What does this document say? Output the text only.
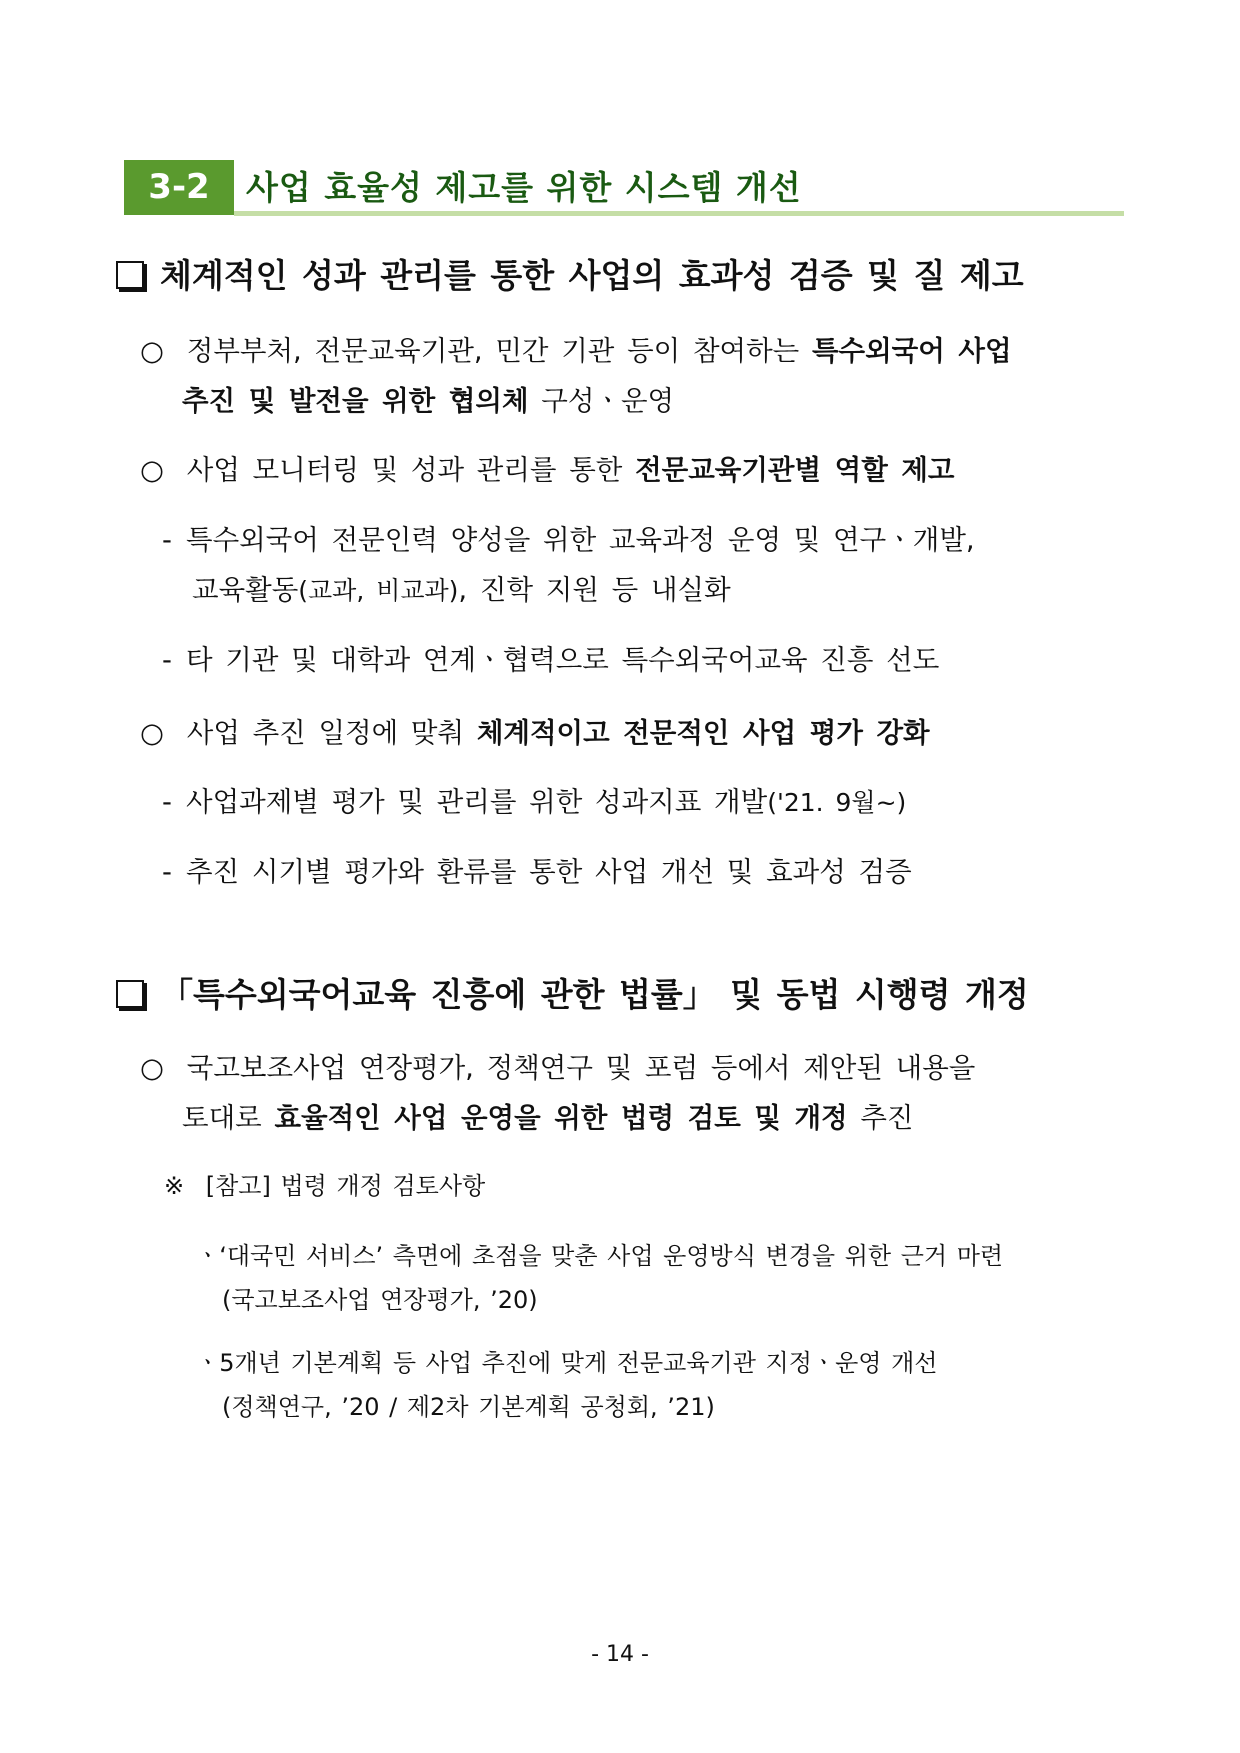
3-2	사업 효율성 제고를 위한 시스템 개선
체계적인 성과 관리를 통한 사업의 효과성 검증 및 질 제고
○ 정부부처, 전문교육기관, 민간 기관 등이 참여하는 특수외국어 사업
추진 및 발전을 위한 협의체 구성ㆍ운영
○ 사업 모니터링 및 성과 관리를 통한 전문교육기관별 역할 제고
- 특수외국어 전문인력 양성을 위한 교육과정 운영 및 연구ㆍ개발,
교육활동(교과, 비교과), 진학 지원 등 내실화
- 타 기관 및 대학과 연계ㆍ협력으로 특수외국어교육 진흥 선도
○ 사업 추진 일정에 맞춰 체계적이고 전문적인 사업 평가 강화
- 사업과제별 평가 및 관리를 위한 성과지표 개발('21. 9월~)
- 추진 시기별 평가와 환류를 통한 사업 개선 및 효과성 검증
「특수외국어교육 진흥에 관한 법률」 및 동법 시행령 개정
○ 국고보조사업 연장평가, 정책연구 및 포럼 등에서 제안된 내용을
토대로 효율적인 사업 운영을 위한 법령 검토 및 개정 추진
※ [참고] 법령 개정 검토사항
ㆍ‘대국민 서비스’ 측면에 초점을 맞춘 사업 운영방식 변경을 위한 근거 마련
(국고보조사업 연장평가, ’20)
ㆍ5개년 기본계획 등 사업 추진에 맞게 전문교육기관 지정ㆍ운영 개선
(정책연구, ’20 / 제2차 기본계획 공청회, ’21)
- 14 -
